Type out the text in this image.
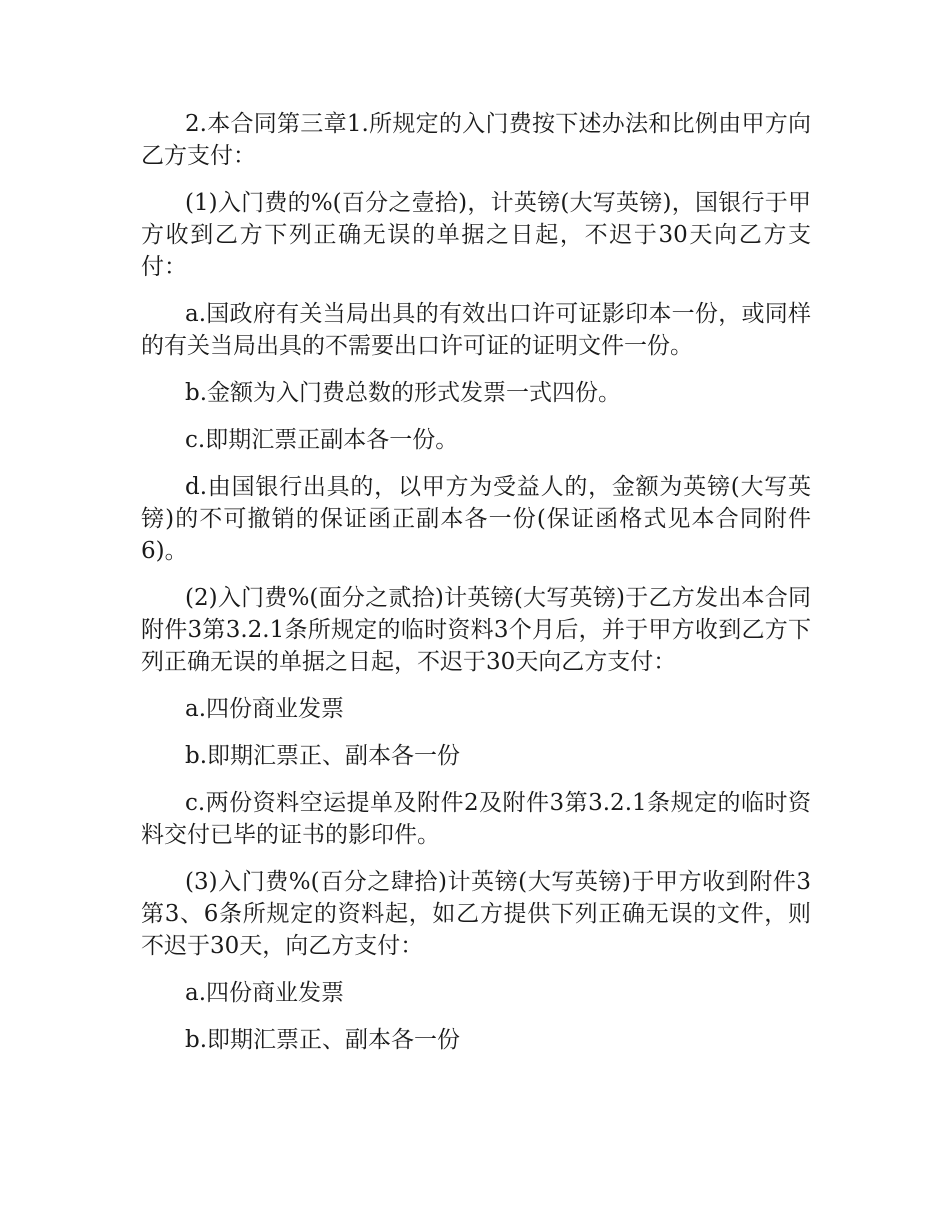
2.本合同第三章1.所规定的入门费按下述办法和比例由甲方向乙方支付：

(1)入门费的%(百分之壹拾)，计英镑(大写英镑)，国银行于甲方收到乙方下列正确无误的单据之日起，不迟于30天向乙方支付：

a.国政府有关当局出具的有效出口许可证影印本一份，或同样的有关当局出具的不需要出口许可证的证明文件一份。

b.金额为入门费总数的形式发票一式四份。

c.即期汇票正副本各一份。

d.由国银行出具的，以甲方为受益人的，金额为英镑(大写英镑)的不可撤销的保证函正副本各一份(保证函格式见本合同附件6)。

(2)入门费%(面分之贰拾)计英镑(大写英镑)于乙方发出本合同附件3第3.2.1条所规定的临时资料3个月后，并于甲方收到乙方下列正确无误的单据之日起，不迟于30天向乙方支付：

a.四份商业发票

b.即期汇票正、副本各一份

c.两份资料空运提单及附件2及附件3第3.2.1条规定的临时资料交付已毕的证书的影印件。

(3)入门费%(百分之肆拾)计英镑(大写英镑)于甲方收到附件3第3、6条所规定的资料起，如乙方提供下列正确无误的文件，则不迟于30天，向乙方支付：

a.四份商业发票

b.即期汇票正、副本各一份
